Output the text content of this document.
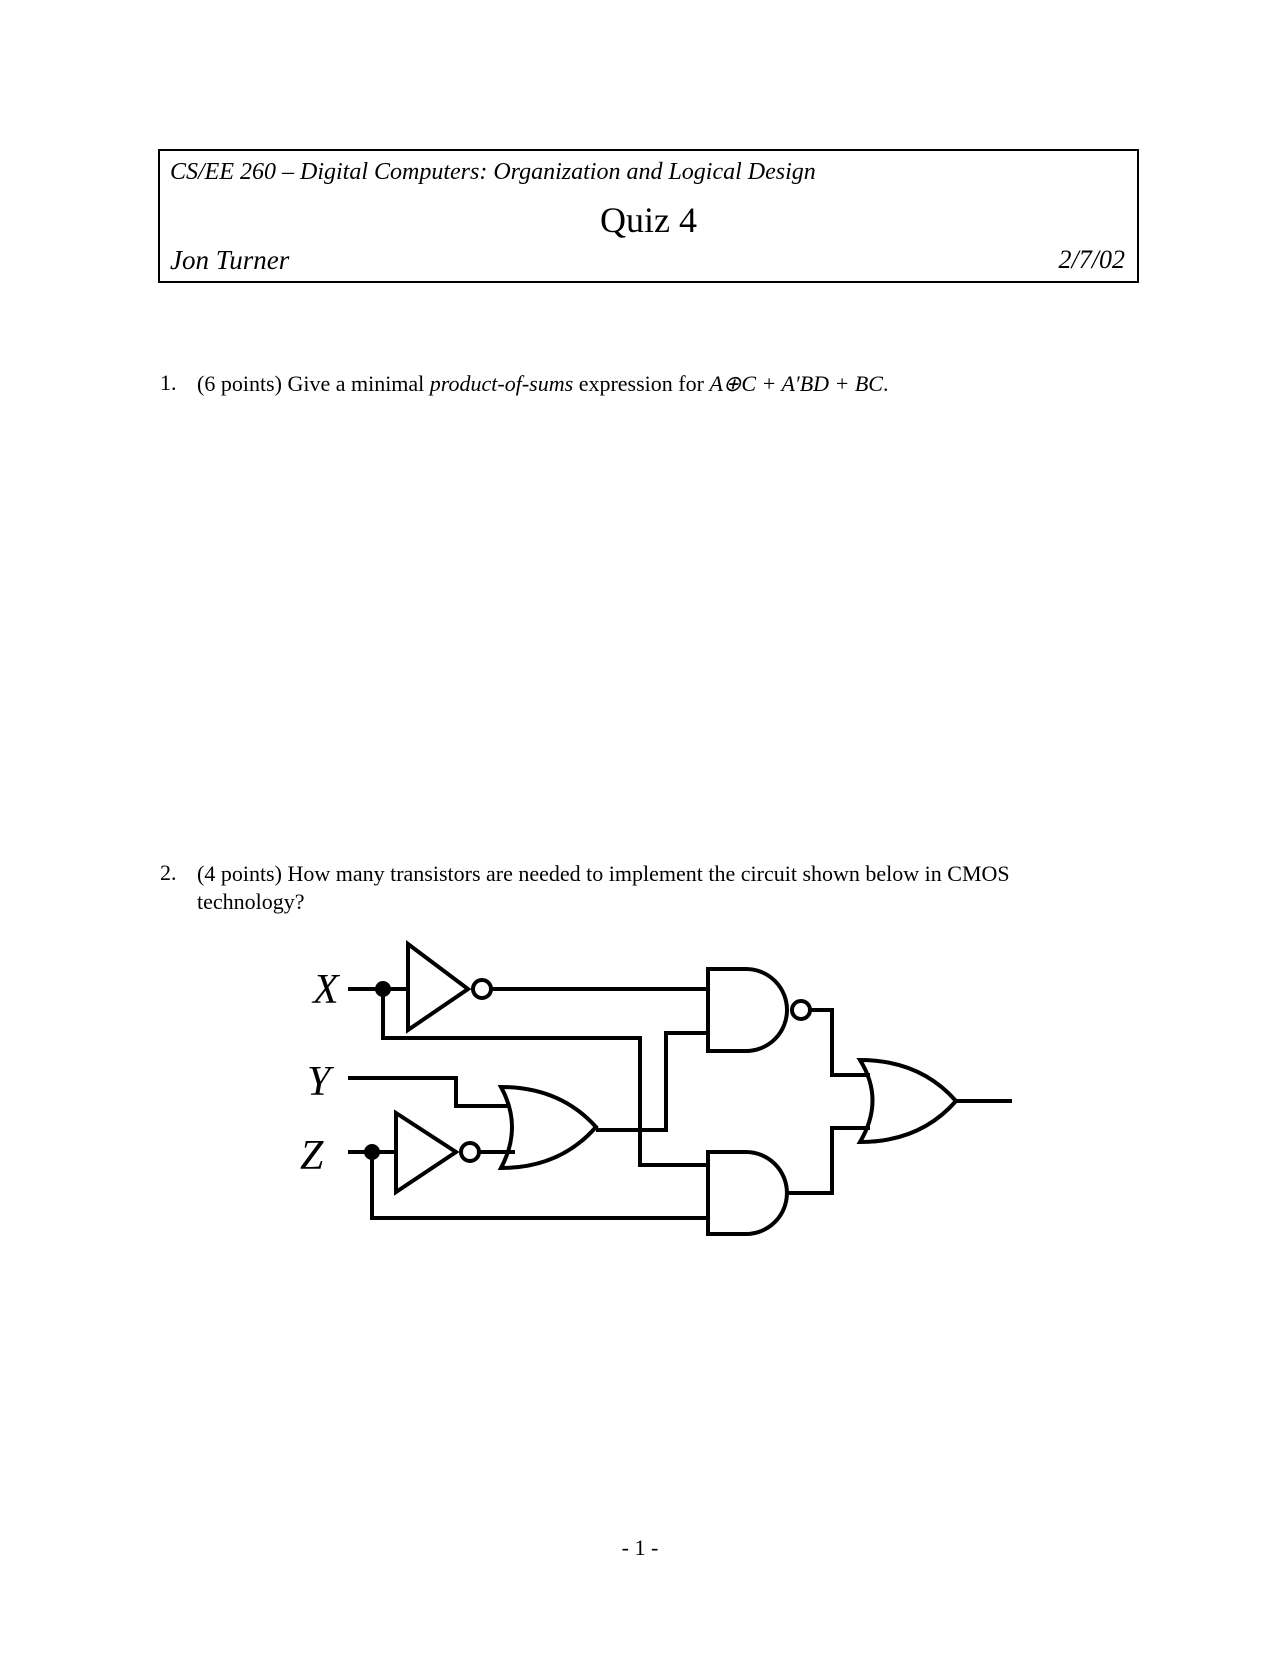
CS/EE 260 – Digital Computers: Organization and Logical Design
Quiz 4
Jon Turner	2/7/02
1. (6 points) Give a minimal product-of-sums expression for A⊕C + A′BD + BC.
2. (4 points) How many transistors are needed to implement the circuit shown below in CMOS technology?
X
Y
Z
- 1 -
